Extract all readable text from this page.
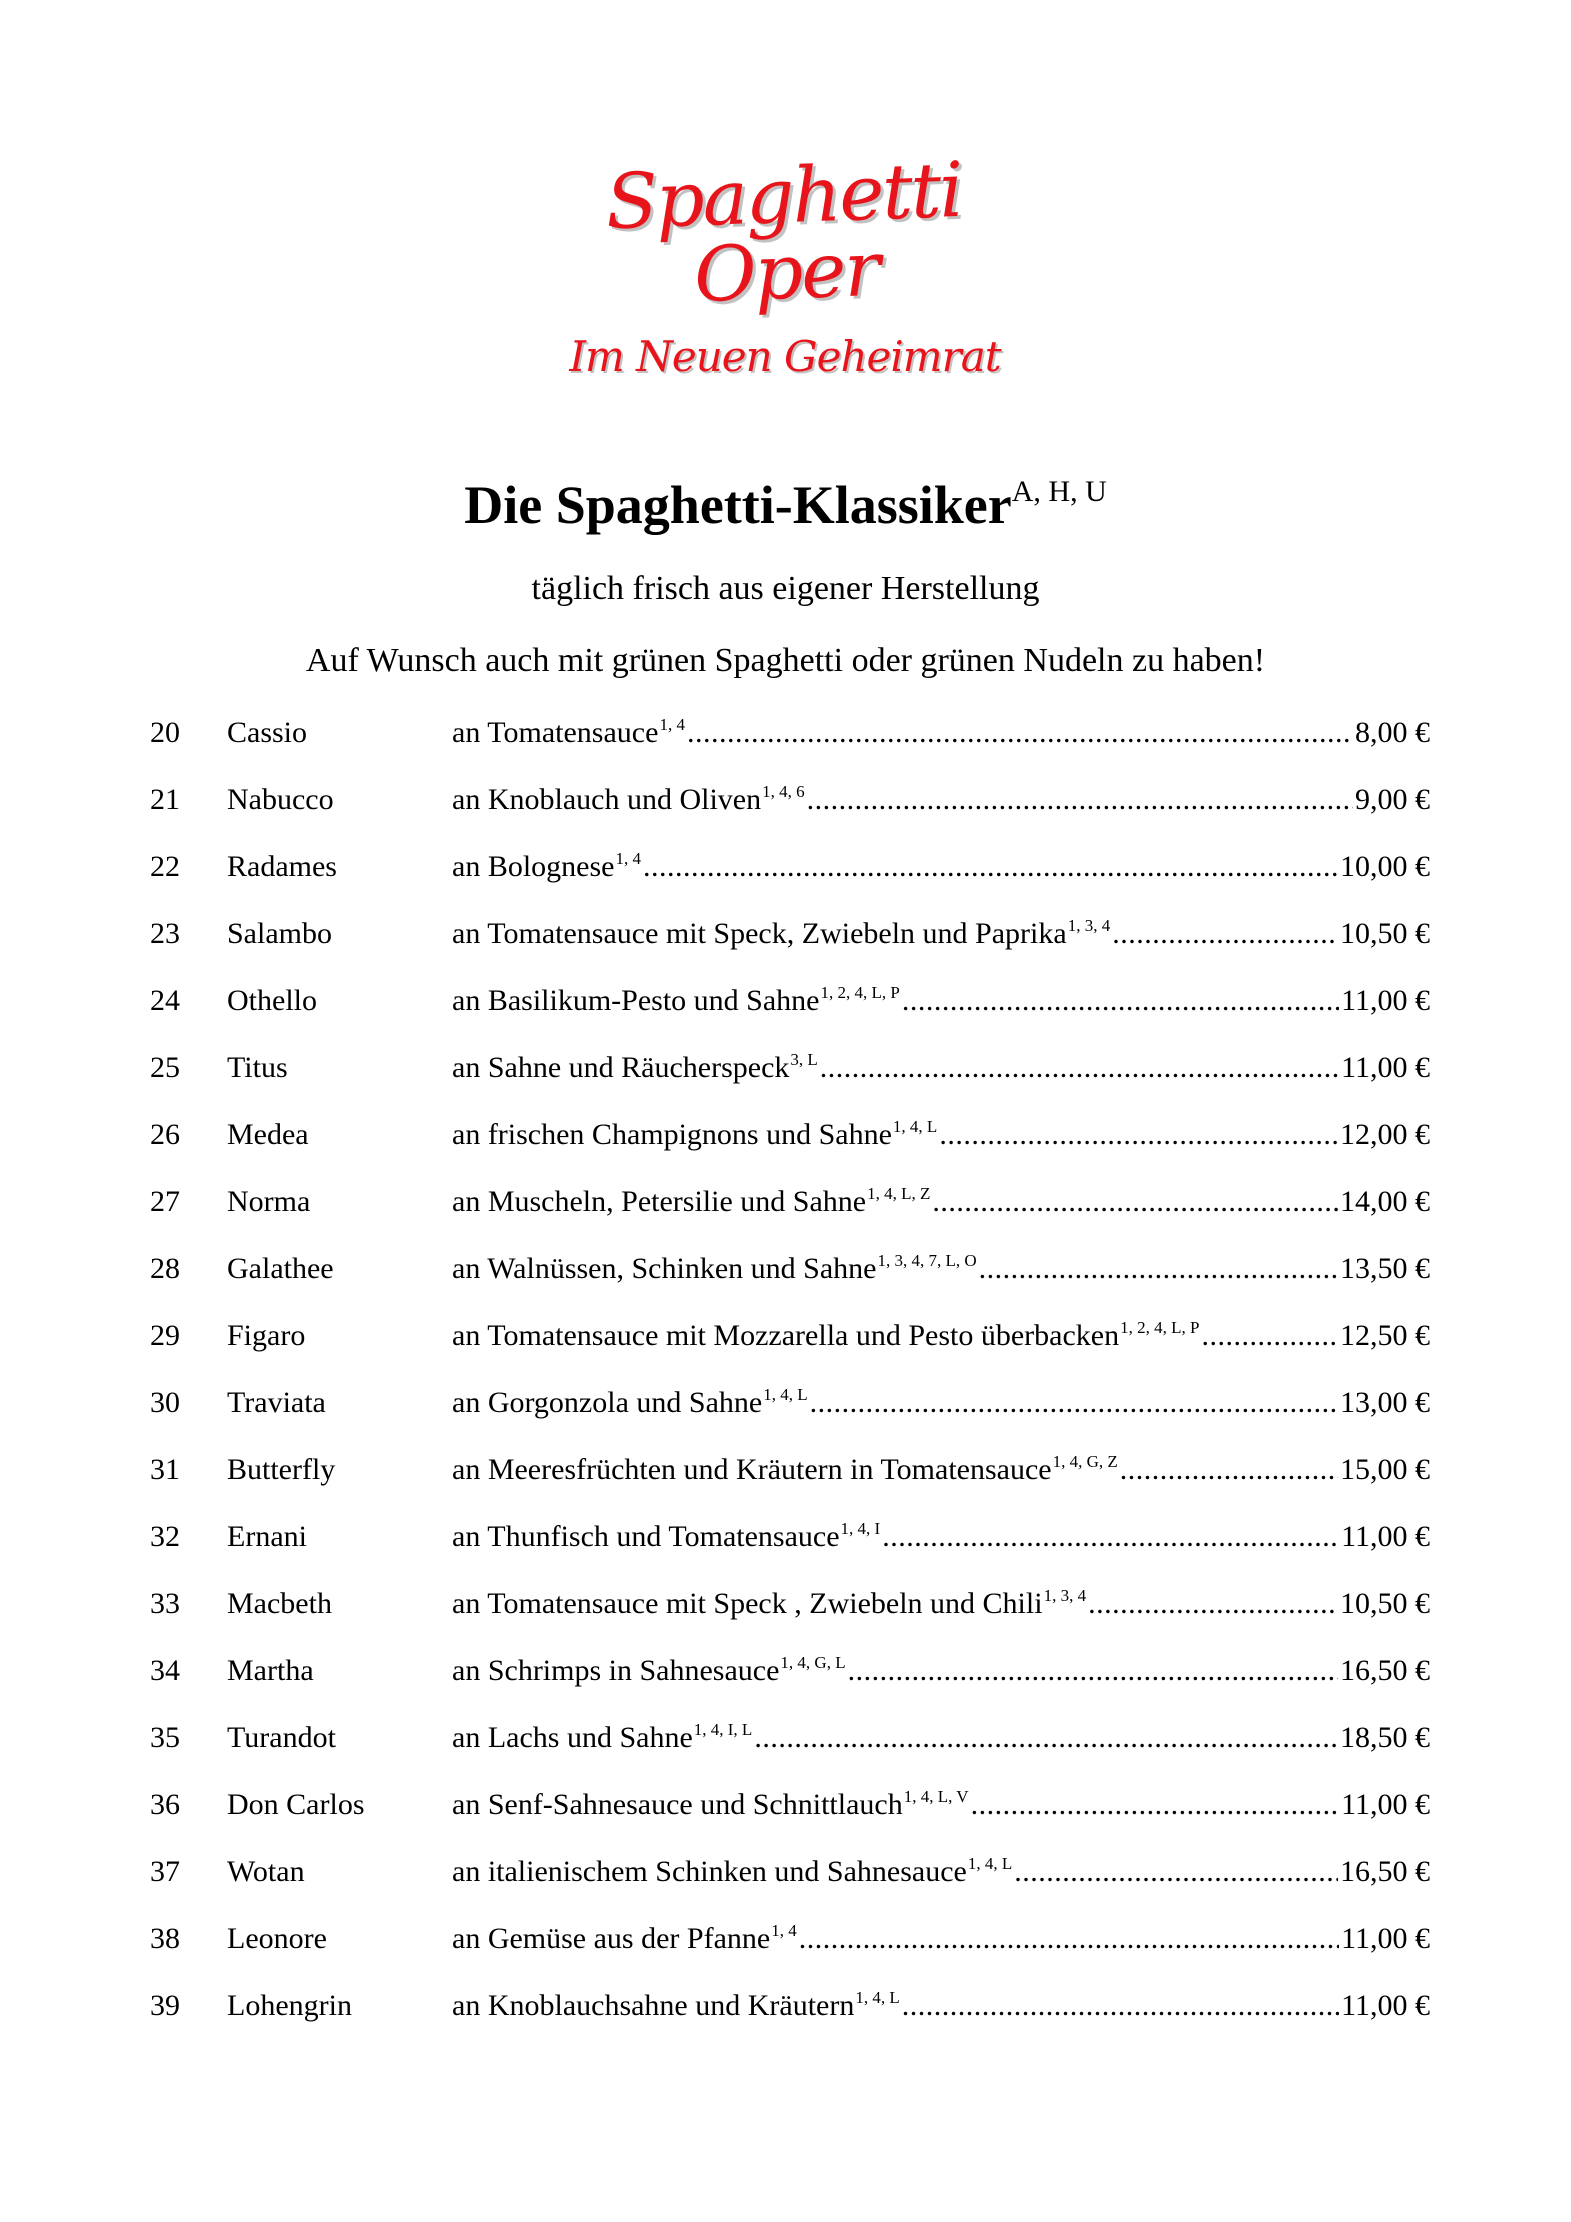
Spaghetti Oper
Im Neuen Geheimrat
Die Spaghetti-Klassiker$^{A, H, U}$
täglich frisch aus eigener Herstellung
Auf Wunsch auch mit grünen Spaghetti oder grünen Nudeln zu haben!
20	Cassio	an Tomatensauce$^{1, 4}$ .....	8,00 €
21	Nabucco	an Knoblauch und Oliven$^{1, 4, 6}$ .....	9,00 €
22	Radames	an Bolognese$^{1, 4}$ .....	10,00 €
23	Salambo	an Tomatensauce mit Speck, Zwiebeln und Paprika$^{1, 3, 4}$ .....	10,50 €
24	Othello	an Basilikum-Pesto und Sahne$^{1, 2, 4, L, P}$ .....	11,00 €
25	Titus	an Sahne und Räucherspeck$^{3, L}$ .....	11,00 €
26	Medea	an frischen Champignons und Sahne$^{1, 4, L}$ .....	12,00 €
27	Norma	an Muscheln, Petersilie und Sahne$^{1, 4, L, Z}$ .....	14,00 €
28	Galathee	an Walnüssen, Schinken und Sahne$^{1, 3, 4, 7, L, O}$ .....	13,50 €
29	Figaro	an Tomatensauce mit Mozzarella und Pesto überbacken$^{1, 2, 4, L, P}$ .....	12,50 €
30	Traviata	an Gorgonzola und Sahne$^{1, 4, L}$ .....	13,00 €
31	Butterfly	an Meeresfrüchten und Kräutern in Tomatensauce$^{1, 4, G, Z}$ .....	15,00 €
32	Ernani	an Thunfisch und Tomatensauce$^{1, 4, I}$ .....	11,00 €
33	Macbeth	an Tomatensauce mit Speck , Zwiebeln und Chili$^{1, 3, 4}$ .....	10,50 €
34	Martha	an Schrimps in Sahnesauce$^{1, 4, G, L}$ .....	16,50 €
35	Turandot	an Lachs und Sahne$^{1, 4, I, L}$ .....	18,50 €
36	Don Carlos	an Senf-Sahnesauce und Schnittlauch$^{1, 4, L, V}$ .....	11,00 €
37	Wotan	an italienischem Schinken und Sahnesauce$^{1, 4, L}$ .....	16,50 €
38	Leonore	an Gemüse aus der Pfanne$^{1, 4}$ .....	11,00 €
39	Lohengrin	an Knoblauchsahne und Kräutern$^{1, 4, L}$ .....	11,00 €
